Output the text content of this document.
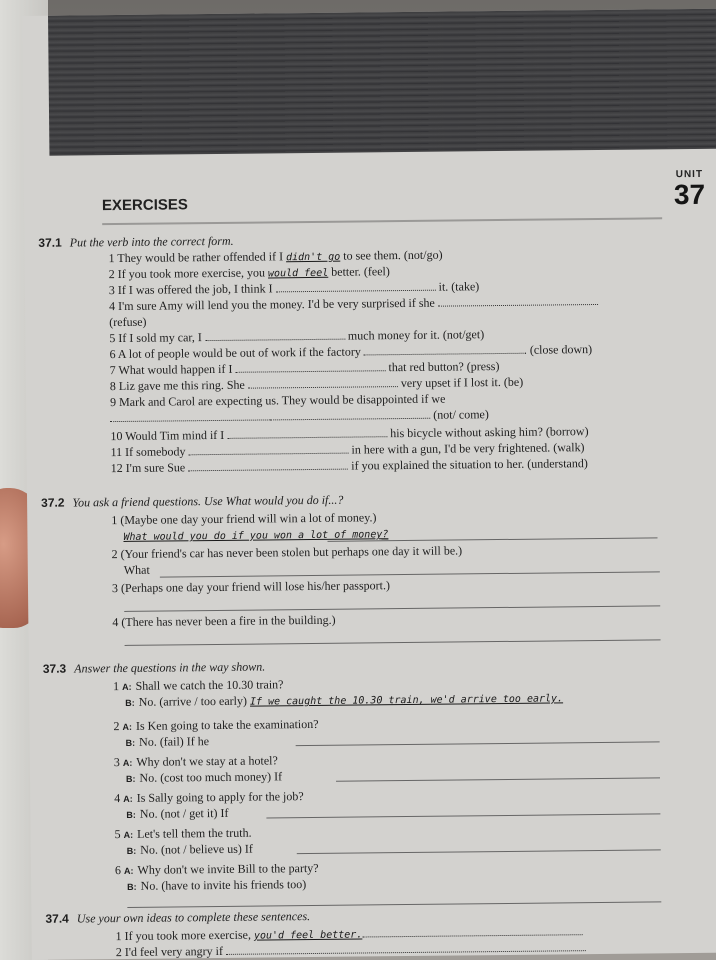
UNIT
37
EXERCISES
37.1 Put the verb into the correct form.
1 They would be rather offended if I didn't go to see them. (not/go)
2 If you took more exercise, you would feel better. (feel)
3 If I was offered the job, I think I	it. (take)
4 I'm sure Amy will lend you the money. I'd be very surprised if she
(refuse)
5 If I sold my car, I	much money for it. (not/get)
6 A lot of people would be out of work if the factory	. (close down)
7 What would happen if I	that red button? (press)
8 Liz gave me this ring. She	very upset if I lost it. (be)
9 Mark and Carol are expecting us. They would be disappointed if we
(not/ come)
10 Would Tim mind if I	his bicycle without asking him? (borrow)
11 If somebody	in here with a gun, I'd be very frightened. (walk)
12 I'm sure Sue	if you explained the situation to her. (understand)
37.2 You ask a friend questions. Use What would you do if...?
1 (Maybe one day your friend will win a lot of money.)
What would you do if you won a lot of money?
2 (Your friend's car has never been stolen but perhaps one day it will be.)
What
3 (Perhaps one day your friend will lose his/her passport.)
4 (There has never been a fire in the building.)
37.3 Answer the questions in the way shown.
1 A: Shall we catch the 10.30 train?
B: No. (arrive / too early) If we caught the 10.30 train, we'd arrive too early.
2 A: Is Ken going to take the examination?
B: No. (fail) If he
3 A: Why don't we stay at a hotel?
B: No. (cost too much money) If
4 A: Is Sally going to apply for the job?
B: No. (not / get it) If
5 A: Let's tell them the truth.
B: No. (not / believe us) If
6 A: Why don't we invite Bill to the party?
B: No. (have to invite his friends too)
37.4 Use your own ideas to complete these sentences.
1 If you took more exercise, you'd feel better.
2 I'd feel very angry if
